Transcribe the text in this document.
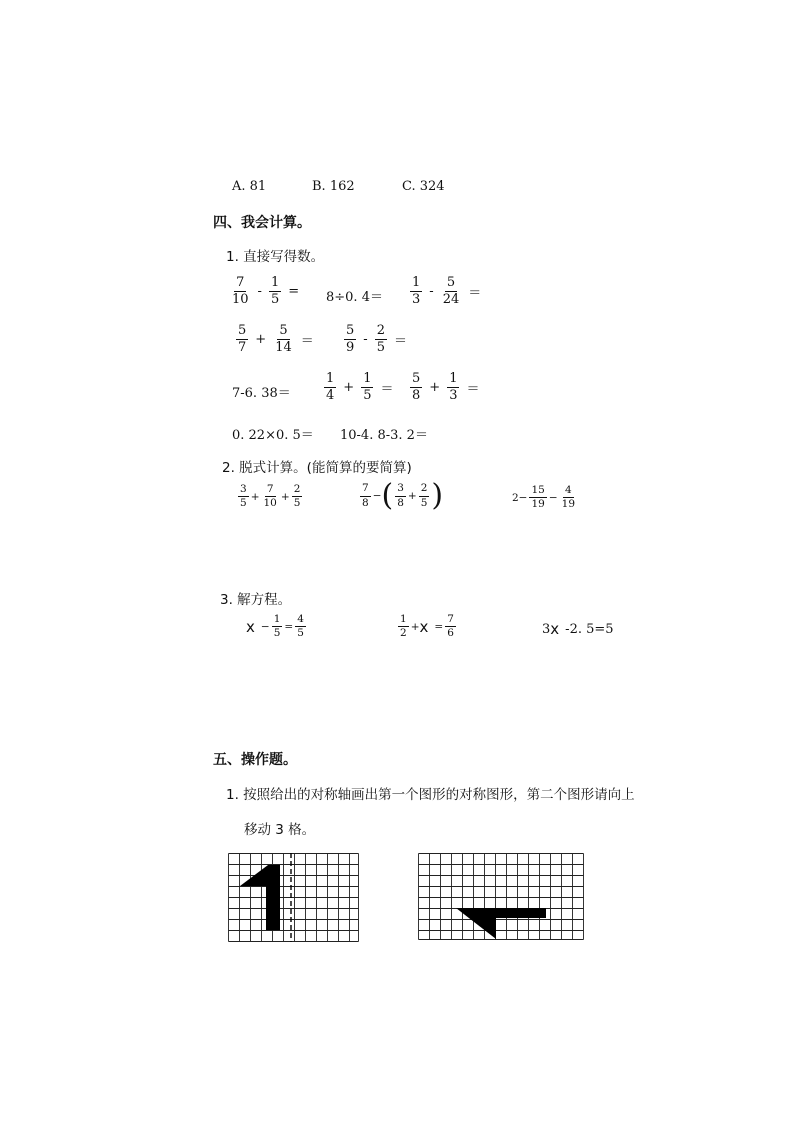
A. 81	B. 162	C. 324
四、我会计算。
1. 直接写得数。
$\frac{7}{10} - \frac{1}{5} = 8\div 0$. $4= \frac{1}{3} - \frac{5}{24}$ ＝
$\frac{5}{7} + \frac{5}{14} = \frac{5}{9} - \frac{2}{5}$ ＝
7-6. 38＝	$\frac{1}{4} + \frac{1}{5} = \frac{5}{8} + \frac{1}{3}$ ＝
0. 22×0. 5＝ 10-4. 8-3. 2＝
2. 脱式计算。(能简算的要简算)
$\frac{3}{5} + \frac{7}{10} + \frac{2}{5}$	$\frac{7}{8}$ − ( $\frac{3}{8} + \frac{2}{5}$ )	$2- \frac{15}{19} - \frac{4}{19}$
3. 解方程。
$x - \frac{1}{5} = \frac{4}{5}$	$\frac{1}{2} + x = \frac{7}{6}$	3 x -2. 5=5
五、操作题。
1. 按照给出的对称轴画出第一个图形的对称图形，第二个图形请向上
移动 3 格。
